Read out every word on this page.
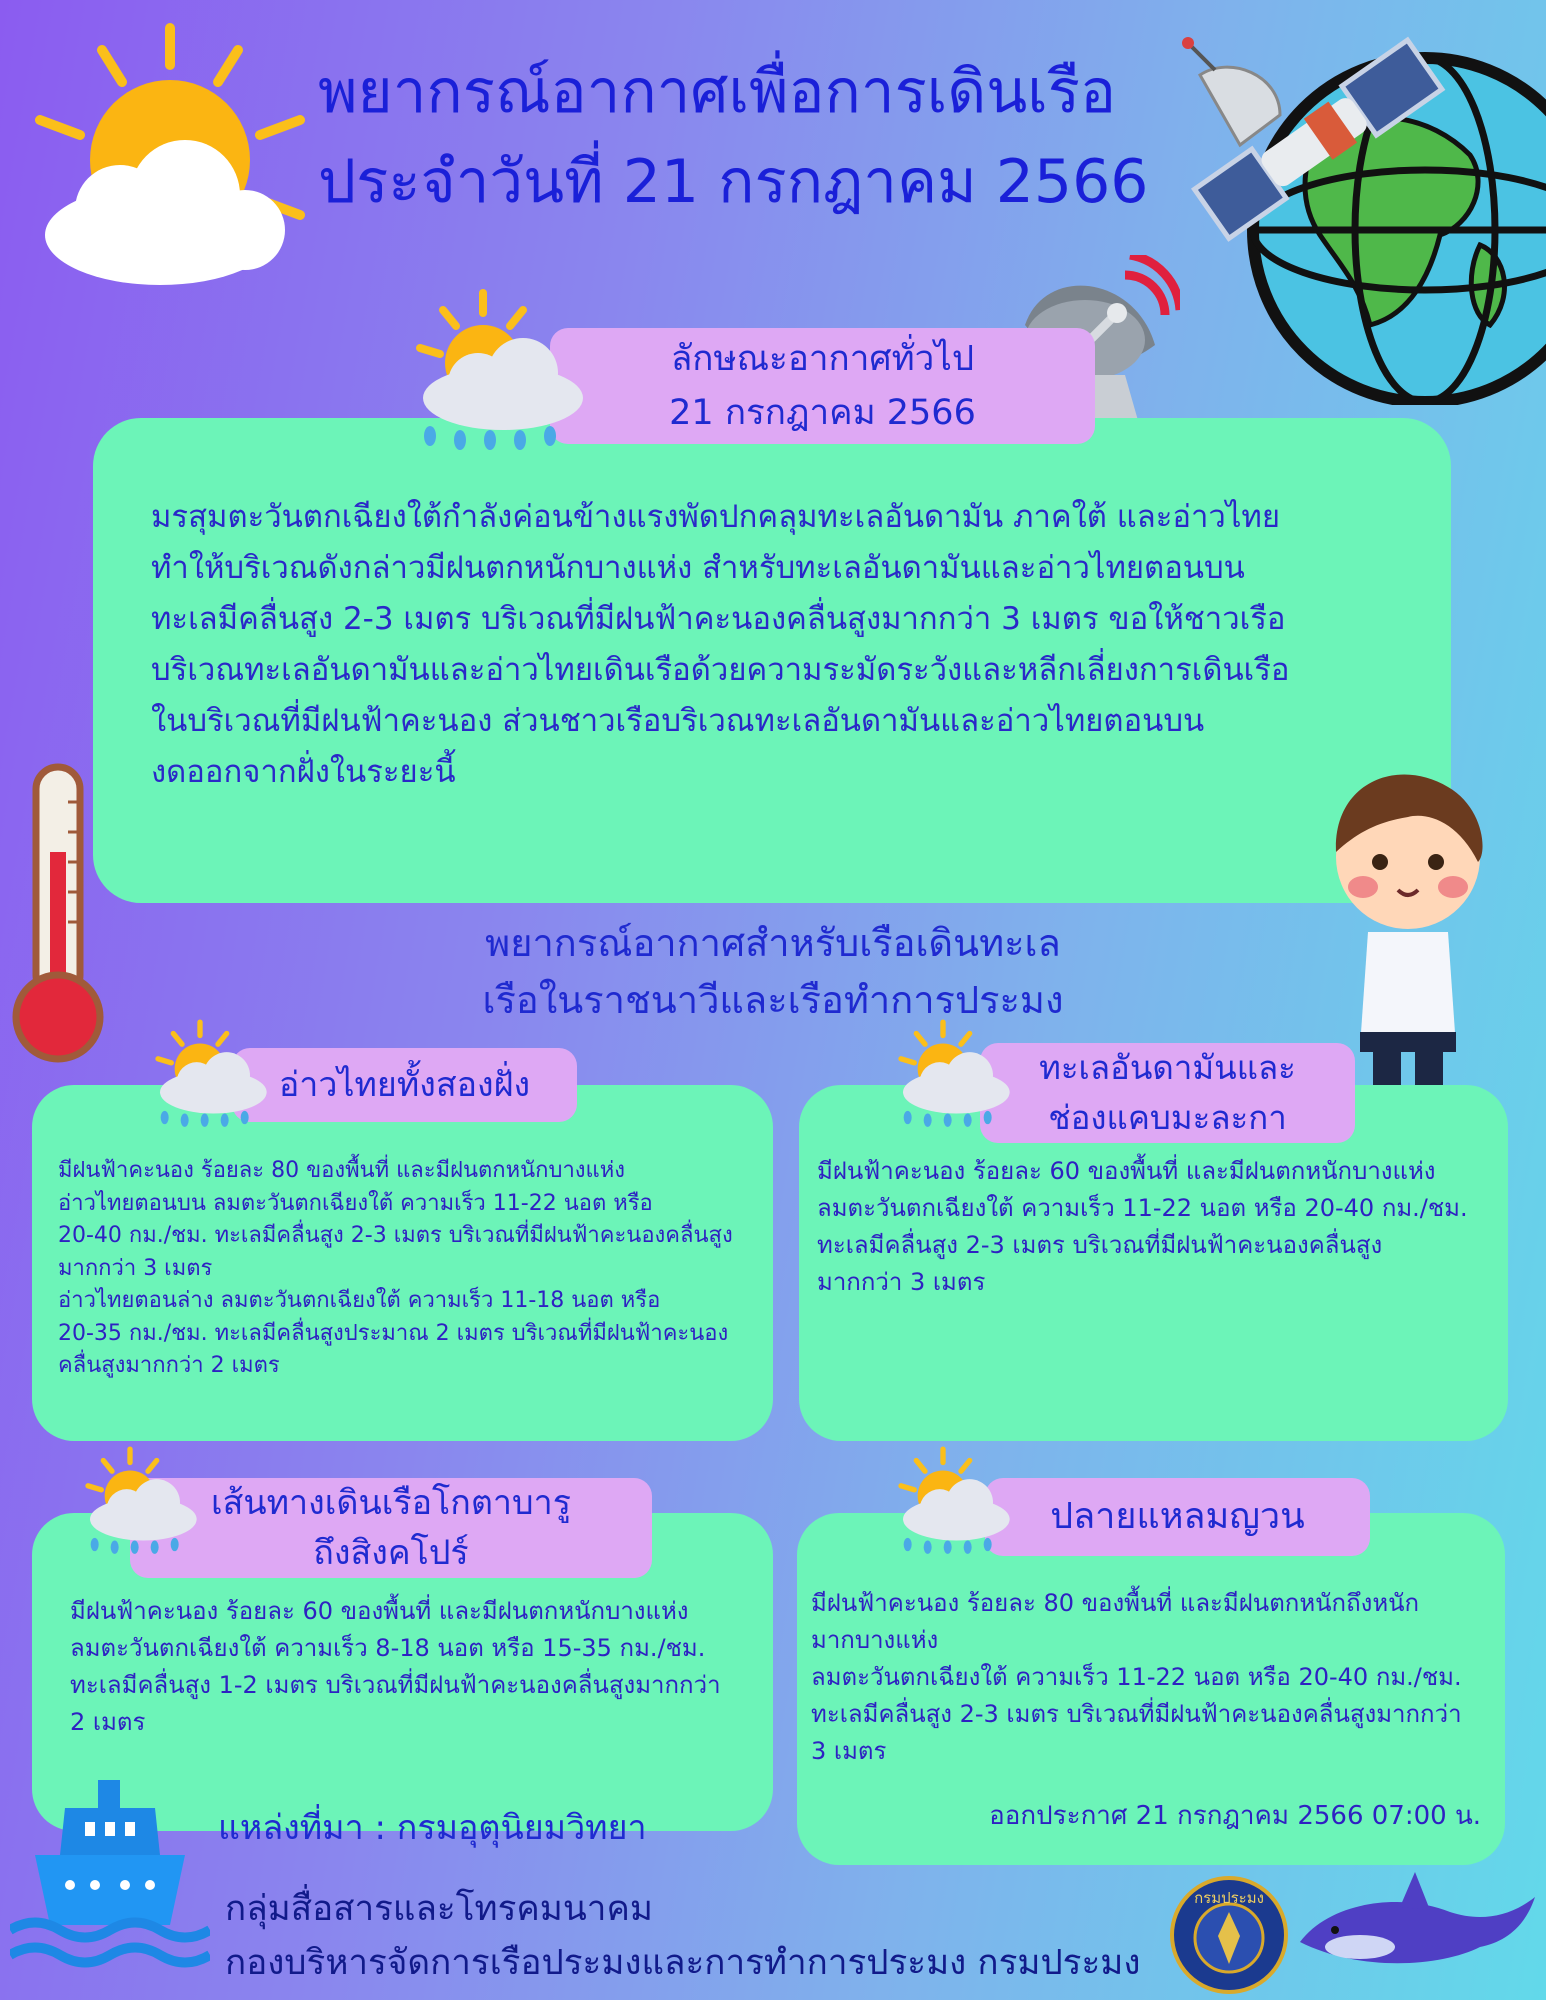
พยากรณ์อากาศเพื่อการเดินเรือ
ประจำวันที่ 21 กรกฎาคม 2566
มรสุมตะวันตกเฉียงใต้กำลังค่อนข้างแรงพัดปกคลุมทะเลอันดามัน ภาคใต้ และอ่าวไทย
ทำให้บริเวณดังกล่าวมีฝนตกหนักบางแห่ง สำหรับทะเลอันดามันและอ่าวไทยตอนบน
ทะเลมีคลื่นสูง 2-3 เมตร บริเวณที่มีฝนฟ้าคะนองคลื่นสูงมากกว่า 3 เมตร ขอให้ชาวเรือ
บริเวณทะเลอันดามันและอ่าวไทยเดินเรือด้วยความระมัดระวังและหลีกเลี่ยงการเดินเรือ
ในบริเวณที่มีฝนฟ้าคะนอง ส่วนชาวเรือบริเวณทะเลอันดามันและอ่าวไทยตอนบน
งดออกจากฝั่งในระยะนี้
ลักษณะอากาศทั่วไป
21 กรกฎาคม 2566
พยากรณ์อากาศสำหรับเรือเดินทะเล
เรือในราชนาวีและเรือทำการประมง
มีฝนฟ้าคะนอง ร้อยละ 80 ของพื้นที่ และมีฝนตกหนักบางแห่ง
อ่าวไทยตอนบน ลมตะวันตกเฉียงใต้ ความเร็ว 11-22 นอต หรือ
20-40 กม./ชม. ทะเลมีคลื่นสูง 2-3 เมตร บริเวณที่มีฝนฟ้าคะนองคลื่นสูง
มากกว่า 3 เมตร
อ่าวไทยตอนล่าง ลมตะวันตกเฉียงใต้ ความเร็ว 11-18 นอต หรือ
20-35 กม./ชม. ทะเลมีคลื่นสูงประมาณ 2 เมตร บริเวณที่มีฝนฟ้าคะนอง
คลื่นสูงมากกว่า 2 เมตร
อ่าวไทยทั้งสองฝั่ง
มีฝนฟ้าคะนอง ร้อยละ 60 ของพื้นที่ และมีฝนตกหนักบางแห่ง
ลมตะวันตกเฉียงใต้ ความเร็ว 11-22 นอต หรือ 20-40 กม./ชม.
ทะเลมีคลื่นสูง 2-3 เมตร บริเวณที่มีฝนฟ้าคะนองคลื่นสูง
มากกว่า 3 เมตร
ทะเลอันดามันและ
ช่องแคบมะละกา
มีฝนฟ้าคะนอง ร้อยละ 60 ของพื้นที่ และมีฝนตกหนักบางแห่ง
ลมตะวันตกเฉียงใต้ ความเร็ว 8-18 นอต หรือ 15-35 กม./ชม.
ทะเลมีคลื่นสูง 1-2 เมตร บริเวณที่มีฝนฟ้าคะนองคลื่นสูงมากกว่า
2 เมตร
แหล่งที่มา : กรมอุตุนิยมวิทยา
เส้นทางเดินเรือโกตาบารู
ถึงสิงคโปร์
มีฝนฟ้าคะนอง ร้อยละ 80 ของพื้นที่ และมีฝนตกหนักถึงหนัก
มากบางแห่ง
ลมตะวันตกเฉียงใต้ ความเร็ว 11-22 นอต หรือ 20-40 กม./ชม.
ทะเลมีคลื่นสูง 2-3 เมตร บริเวณที่มีฝนฟ้าคะนองคลื่นสูงมากกว่า
3 เมตร
ออกประกาศ 21 กรกฎาคม 2566 07:00 น.
ปลายแหลมญวน
กลุ่มสื่อสารและโทรคมนาคม
กองบริหารจัดการเรือประมงและการทำการประมง กรมประมง
กรมประมง
